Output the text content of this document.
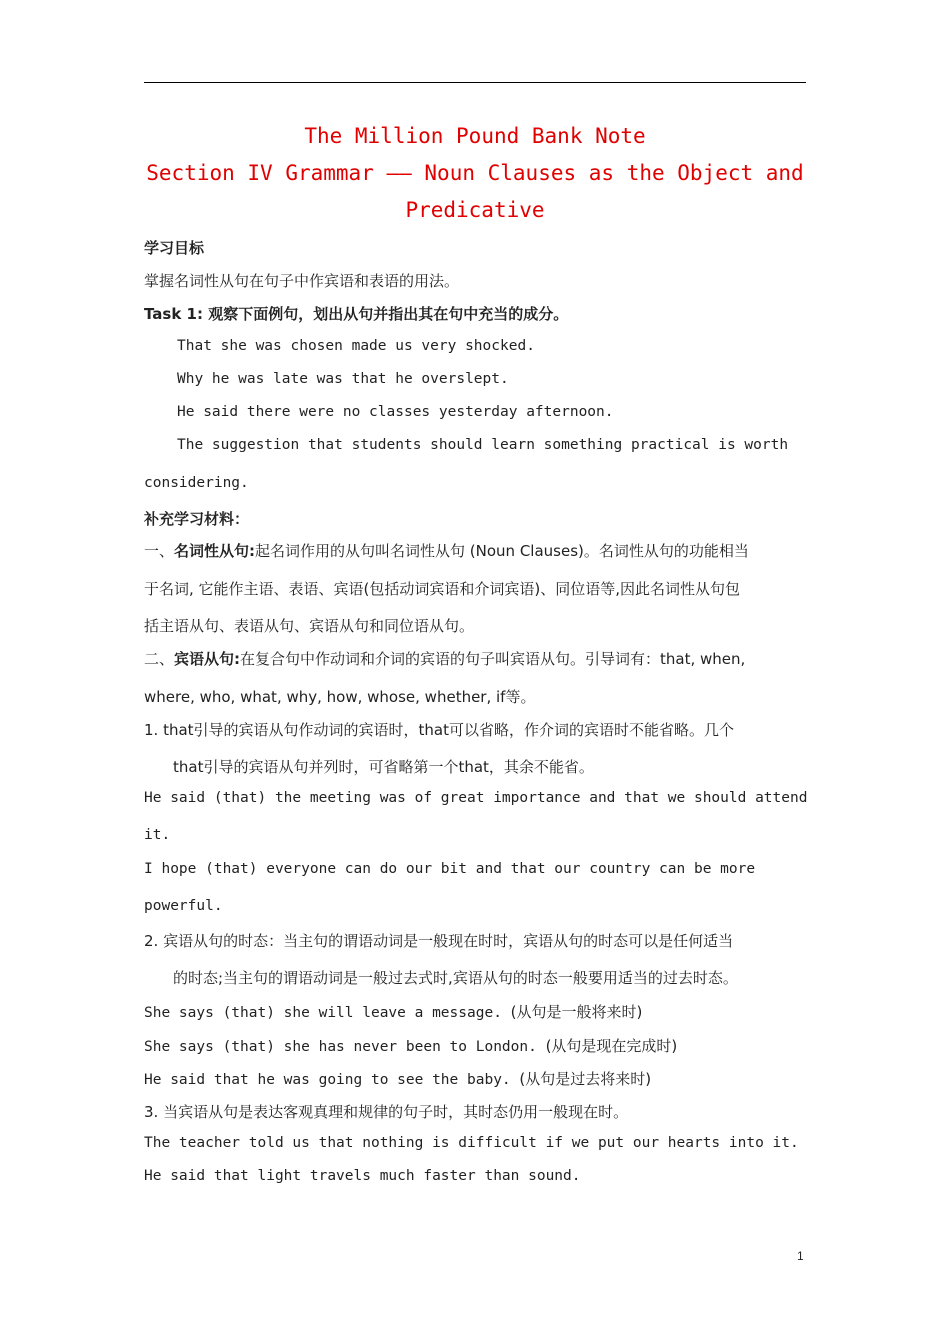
The Million Pound Bank Note
Section IV Grammar —— Noun Clauses as the Object and
Predicative
学习目标
掌握名词性从句在句子中作宾语和表语的用法。
Task 1: 观察下面例句，划出从句并指出其在句中充当的成分。
That she was chosen made us very shocked.
Why he was late was that he overslept.
He said there were no classes yesterday afternoon.
The suggestion that students should learn something practical is worth
considering.
补充学习材料：
一、名词性从句:起名词作用的从句叫名词性从句 (Noun Clauses)。名词性从句的功能相当
于名词, 它能作主语、表语、宾语(包括动词宾语和介词宾语)、同位语等,因此名词性从句包
括主语从句、表语从句、宾语从句和同位语从句。
二、宾语从句:在复合句中作动词和介词的宾语的句子叫宾语从句。引导词有：that, when,
where, who, what, why, how, whose, whether, if等。
1. that引导的宾语从句作动词的宾语时，that可以省略，作介词的宾语时不能省略。几个
that引导的宾语从句并列时，可省略第一个that，其余不能省。
He said (that) the meeting was of great importance and that we should attend
it.
I hope (that) everyone can do our bit and that our country can be more
powerful.
2. 宾语从句的时态：当主句的谓语动词是一般现在时时，宾语从句的时态可以是任何适当
的时态;当主句的谓语动词是一般过去式时,宾语从句的时态一般要用适当的过去时态。
She says (that) she will leave a message. (从句是一般将来时)
She says (that) she has never been to London. (从句是现在完成时)
He said that he was going to see the baby. (从句是过去将来时)
3. 当宾语从句是表达客观真理和规律的句子时，其时态仍用一般现在时。
The teacher told us that nothing is difficult if we put our hearts into it.
He said that light travels much faster than sound.
1
